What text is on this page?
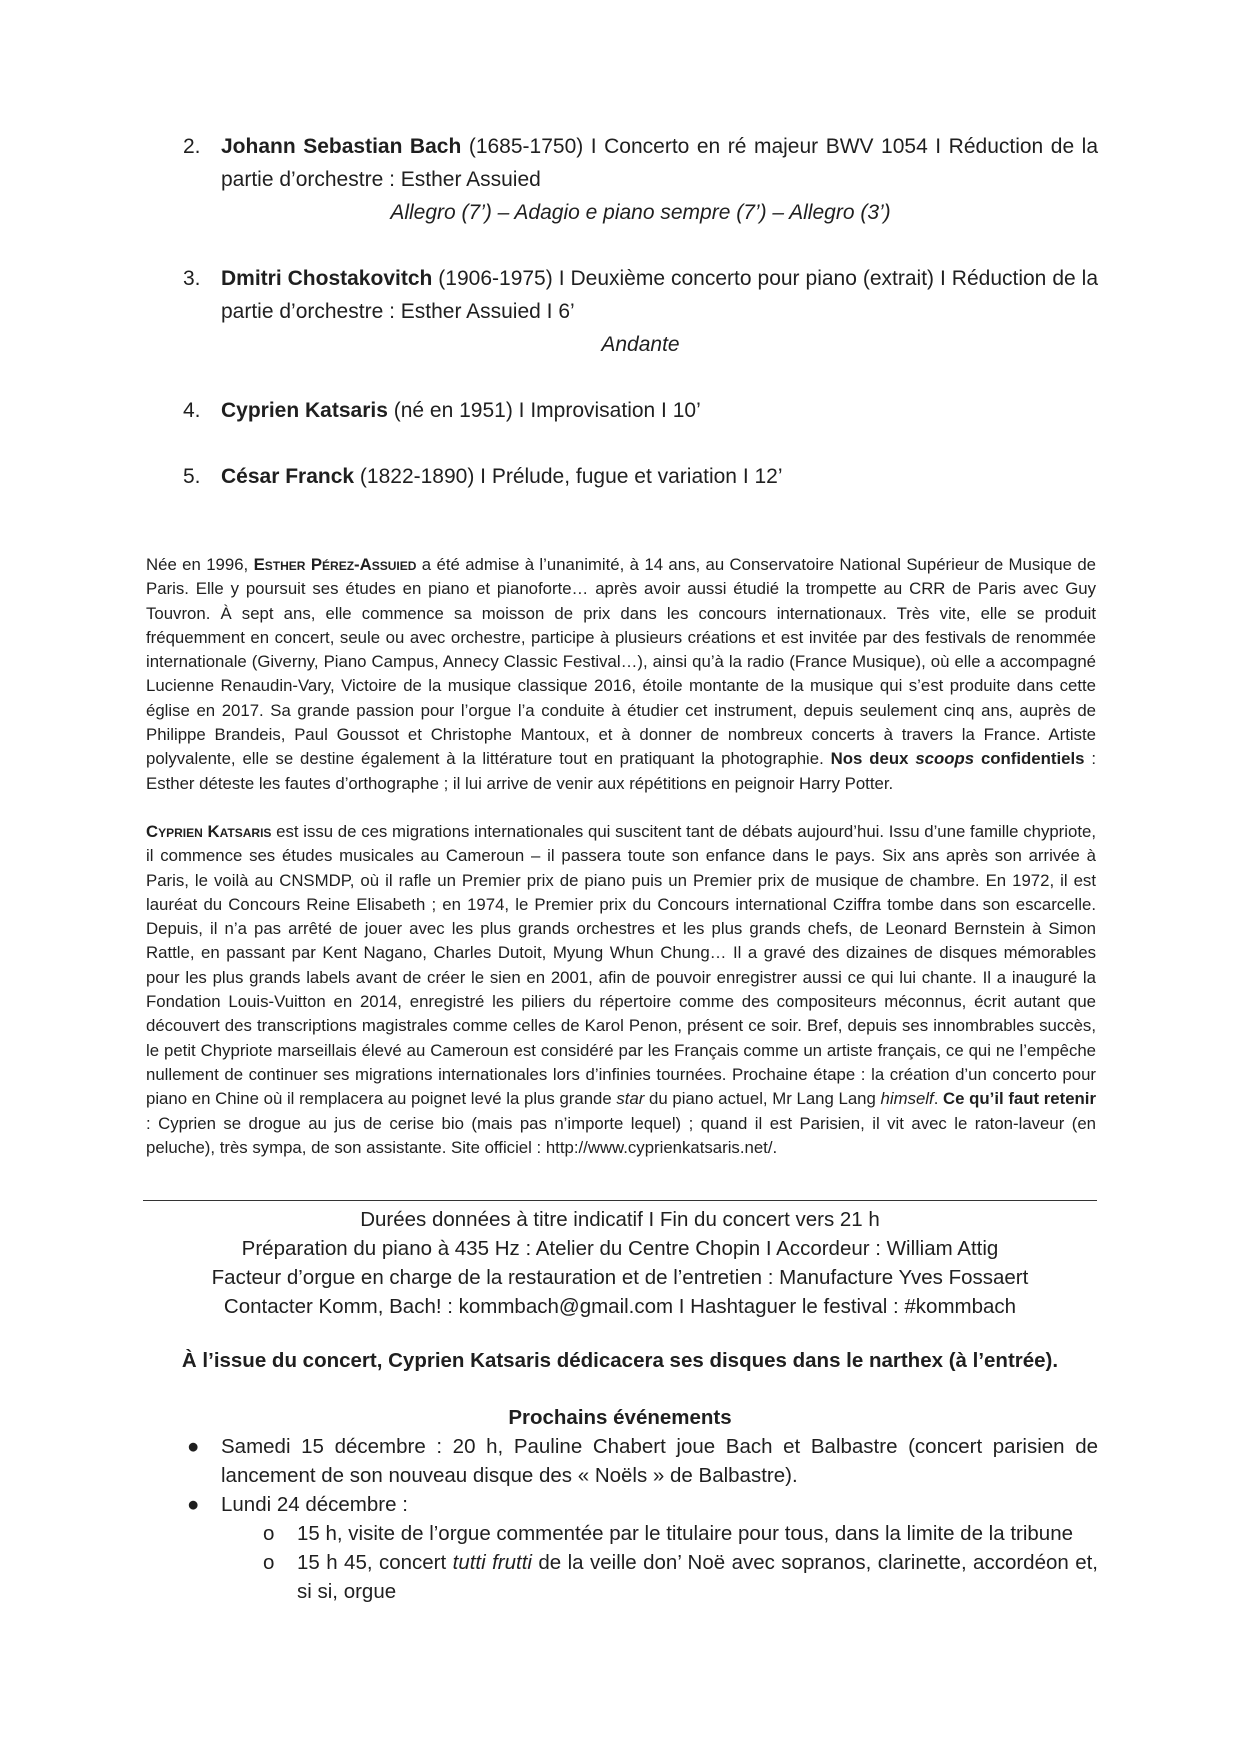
2. Johann Sebastian Bach (1685-1750) I Concerto en ré majeur BWV 1054 I Réduction de la partie d’orchestre : Esther Assuied
Allegro (7’) – Adagio e piano sempre (7’) – Allegro (3’)
3. Dmitri Chostakovitch (1906-1975) I Deuxième concerto pour piano (extrait) I Réduction de la partie d’orchestre : Esther Assuied I 6’
Andante
4. Cyprien Katsaris (né en 1951) I Improvisation I 10’
5. César Franck (1822-1890) I Prélude, fugue et variation I 12’

Née en 1996, Esther Pérez-Assuied a été admise à l’unanimité, à 14 ans, au Conservatoire National Supérieur de Musique de Paris. Elle y poursuit ses études en piano et pianoforte… après avoir aussi étudié la trompette au CRR de Paris avec Guy Touvron. À sept ans, elle commence sa moisson de prix dans les concours internationaux. Très vite, elle se produit fréquemment en concert, seule ou avec orchestre, participe à plusieurs créations et est invitée par des festivals de renommée internationale (Giverny, Piano Campus, Annecy Classic Festival…), ainsi qu’à la radio (France Musique), où elle a accompagné Lucienne Renaudin-Vary, Victoire de la musique classique 2016, étoile montante de la musique qui s’est produite dans cette église en 2017. Sa grande passion pour l’orgue l’a conduite à étudier cet instrument, depuis seulement cinq ans, auprès de Philippe Brandeis, Paul Goussot et Christophe Mantoux, et à donner de nombreux concerts à travers la France. Artiste polyvalente, elle se destine également à la littérature tout en pratiquant la photographie. Nos deux scoops confidentiels : Esther déteste les fautes d’orthographe ; il lui arrive de venir aux répétitions en peignoir Harry Potter.

Cyprien Katsaris est issu de ces migrations internationales qui suscitent tant de débats aujourd’hui. Issu d’une famille chypriote, il commence ses études musicales au Cameroun – il passera toute son enfance dans le pays. Six ans après son arrivée à Paris, le voilà au CNSMDP, où il rafle un Premier prix de piano puis un Premier prix de musique de chambre. En 1972, il est lauréat du Concours Reine Elisabeth ; en 1974, le Premier prix du Concours international Cziffra tombe dans son escarcelle. Depuis, il n’a pas arrêté de jouer avec les plus grands orchestres et les plus grands chefs, de Leonard Bernstein à Simon Rattle, en passant par Kent Nagano, Charles Dutoit, Myung Whun Chung… Il a gravé des dizaines de disques mémorables pour les plus grands labels avant de créer le sien en 2001, afin de pouvoir enregistrer aussi ce qui lui chante. Il a inauguré la Fondation Louis-Vuitton en 2014, enregistré les piliers du répertoire comme des compositeurs méconnus, écrit autant que découvert des transcriptions magistrales comme celles de Karol Penon, présent ce soir. Bref, depuis ses innombrables succès, le petit Chypriote marseillais élevé au Cameroun est considéré par les Français comme un artiste français, ce qui ne l’empêche nullement de continuer ses migrations internationales lors d’infinies tournées. Prochaine étape : la création d’un concerto pour piano en Chine où il remplacera au poignet levé la plus grande star du piano actuel, Mr Lang Lang himself. Ce qu’il faut retenir : Cyprien se drogue au jus de cerise bio (mais pas n’importe lequel) ; quand il est Parisien, il vit avec le raton-laveur (en peluche), très sympa, de son assistante. Site officiel : http://www.cyprienkatsaris.net/.

Durées données à titre indicatif I Fin du concert vers 21 h
Préparation du piano à 435 Hz : Atelier du Centre Chopin I Accordeur : William Attig
Facteur d’orgue en charge de la restauration et de l’entretien : Manufacture Yves Fossaert
Contacter Komm, Bach! : kommbach@gmail.com I Hashtaguer le festival : #kommbach
À l’issue du concert, Cyprien Katsaris dédicacera ses disques dans le narthex (à l’entrée).
Prochains événements
● Samedi 15 décembre : 20 h, Pauline Chabert joue Bach et Balbastre (concert parisien de lancement de son nouveau disque des « Noëls » de Balbastre).
● Lundi 24 décembre :
o 15 h, visite de l’orgue commentée par le titulaire pour tous, dans la limite de la tribune
o 15 h 45, concert tutti frutti de la veille don’ Noë avec sopranos, clarinette, accordéon et, si si, orgue
